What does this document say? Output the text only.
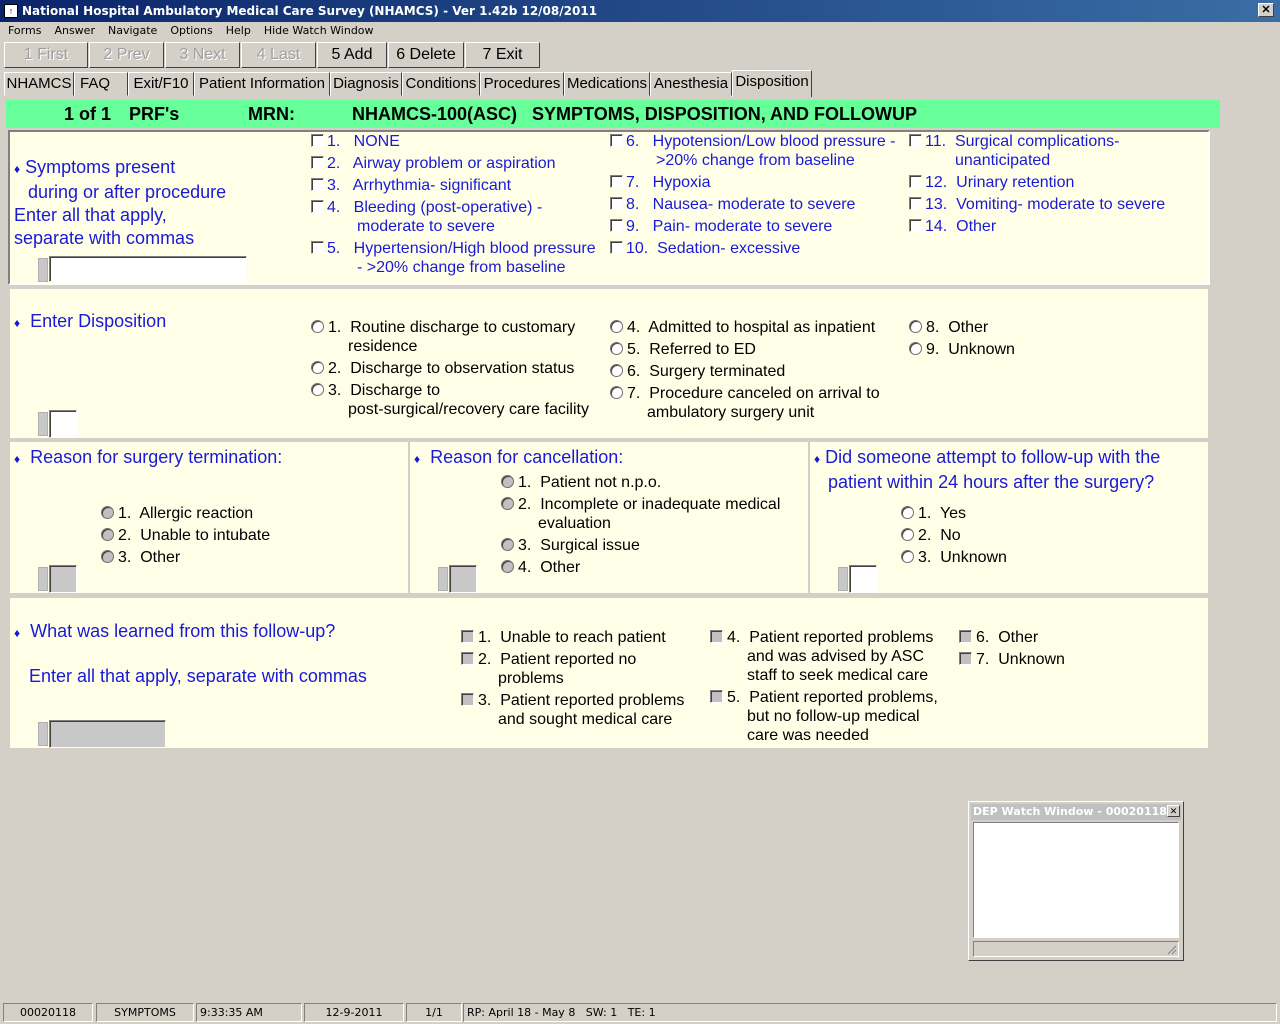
National Hospital Ambulatory Medical Care Survey (NHAMCS) - Ver 1.42b 12/08/2011
↑	✕
Forms Answer Navigate Options Help Hide Watch Window
1 First	2 Prev	3 Next	4 Last	5 Add	6 Delete	7 Exit
NHAMCS FAQ	Exit/F10 Patient Information Diagnosis Conditions Procedures Medications Anesthesia Disposition
1 of 1 PRF's	MRN:	NHAMCS-100(ASC)   SYMPTOMS, DISPOSITION, AND FOLLOWUP
♦ Symptoms present
during or after procedure
Enter all that apply,
separate with commas
1.   NONE
2.   Airway problem or aspiration
3.   Arrhythmia- significant
4.   Bleeding (post-operative) -
moderate to severe
5.   Hypertension/High blood pressure
- >20% change from baseline
6.   Hypotension/Low blood pressure -
>20% change from baseline
7.   Hypoxia
8.   Nausea- moderate to severe
9.   Pain- moderate to severe
10.  Sedation- excessive
11.  Surgical complications-
unanticipated
12.  Urinary retention
13.  Vomiting- moderate to severe
14.  Other
♦ Enter Disposition	1.  Routine discharge to customary
residence
2.  Discharge to observation status
3.  Discharge to
post-surgical/recovery care facility
4.  Admitted to hospital as inpatient
5.  Referred to ED
6.  Surgery terminated
7.  Procedure canceled on arrival to
ambulatory surgery unit
8.  Other
9.  Unknown
♦ Reason for surgery termination:
1.  Allergic reaction
2.  Unable to intubate
3.  Other
♦ Reason for cancellation:
1.  Patient not n.p.o.
2.  Incomplete or inadequate medical
evaluation
3.  Surgical issue
4.  Other
♦ Did someone attempt to follow-up with the
patient within 24 hours after the surgery?
1.  Yes
2.  No
3.  Unknown
♦ What was learned from this follow-up?
Enter all that apply, separate with commas
1.  Unable to reach patient
2.  Patient reported no
problems
3.  Patient reported problems
and sought medical care
4.  Patient reported problems
and was advised by ASC
staff to seek medical care
5.  Patient reported problems,
but no follow-up medical
care was needed
6.  Other
7.  Unknown
DEP Watch Window - 00020118 ✕
00020118	SYMPTOMS	9:33:35 AM	12-9-2011	1/1	RP: April 18 - May 8   SW: 1   TE: 1
